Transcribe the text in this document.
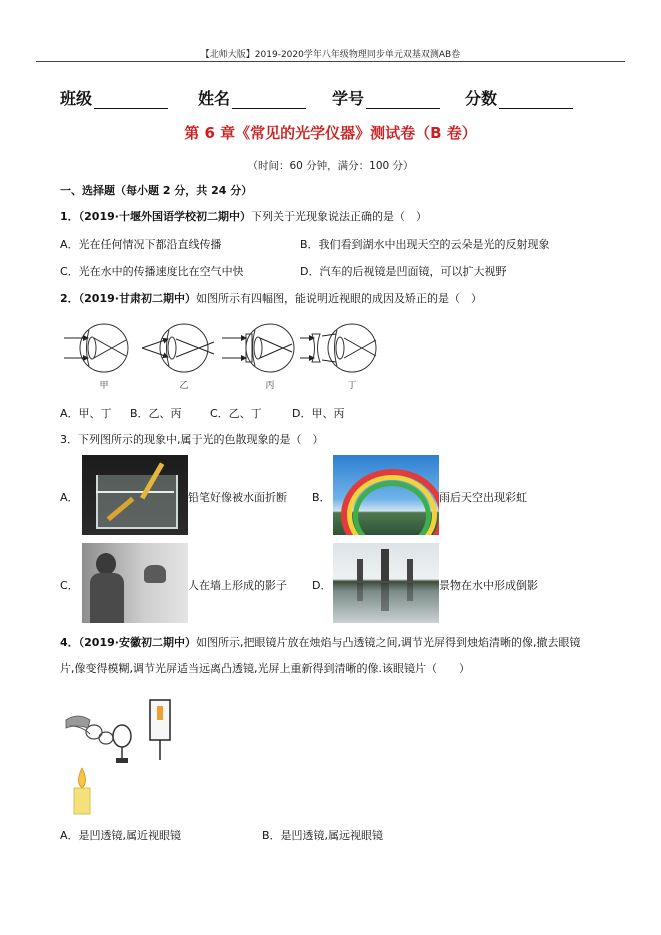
【北师大版】2019-2020学年八年级物理同步单元双基双测AB卷
班级	姓名	学号	分数
第 6 章《常见的光学仪器》测试卷（B 卷）
（时间：60 分钟，满分：100 分）
一、选择题（每小题 2 分，共 24 分）
1．（2019·十堰外国语学校初二期中）下列关于光现象说法正确的是（　）
A．光在任何情况下都沿直线传播	B．我们看到湖水中出现天空的云朵是光的反射现象
C．光在水中的传播速度比在空气中快	D．汽车的后视镜是凹面镜，可以扩大视野
2．（2019·甘肃初二期中）如图所示有四幅图，能说明近视眼的成因及矫正的是（　）
甲	乙	丙	丁
A．甲、丁 B．乙、丙	C．乙、丁	D．甲、丙
3．下列图所示的现象中,属于光的色散现象的是（　）
A．	铅笔好像被水面折断 B．	雨后天空出现彩虹
C．	人在墙上形成的影子 D．	景物在水中形成倒影
4．（2019·安徽初二期中）如图所示,把眼镜片放在烛焰与凸透镜之间,调节光屏得到烛焰清晰的像,撤去眼镜
片,像变得模糊,调节光屏适当远离凸透镜,光屏上重新得到清晰的像.该眼镜片（　　）
A．是凹透镜,属近视眼镜	B．是凹透镜,属远视眼镜
